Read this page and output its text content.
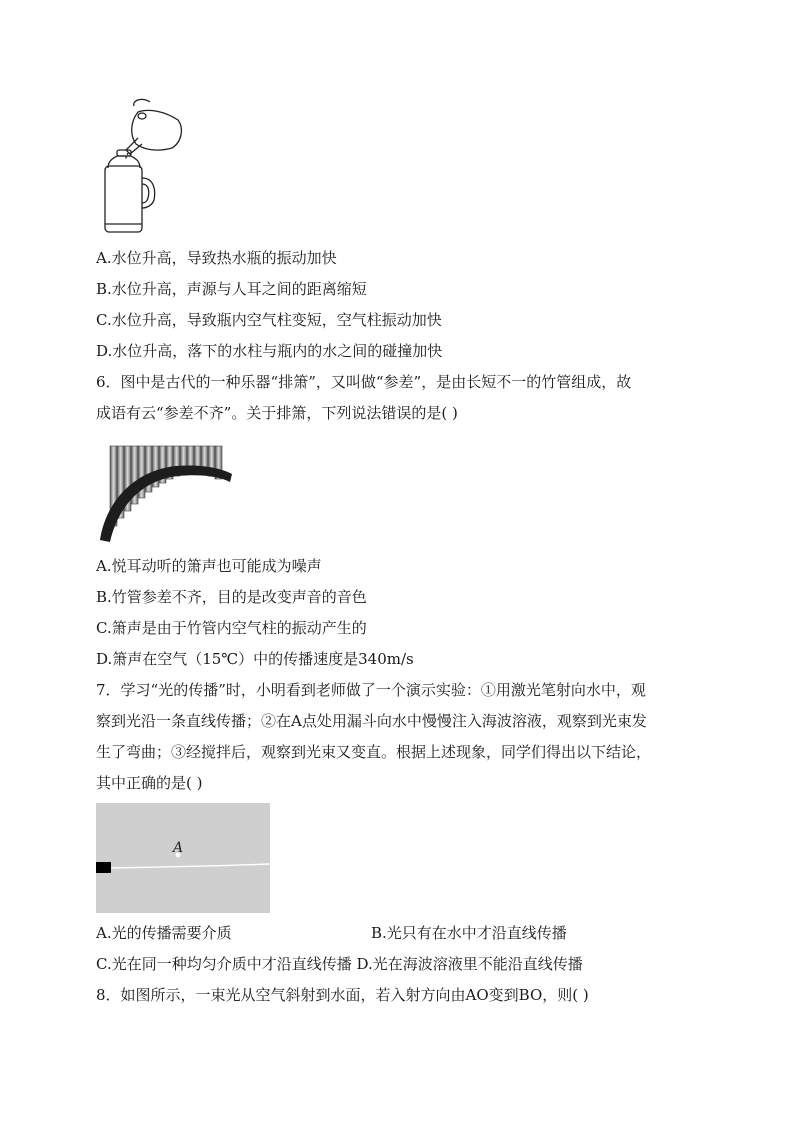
A.水位升高，导致热水瓶的振动加快
B.水位升高，声源与人耳之间的距离缩短
C.水位升高，导致瓶内空气柱变短，空气柱振动加快
D.水位升高，落下的水柱与瓶内的水之间的碰撞加快
6．图中是古代的一种乐器“排箫”，又叫做“参差”，是由长短不一的竹管组成，故
成语有云“参差不齐”。关于排箫，下列说法错误的是( )
A.悦耳动听的箫声也可能成为噪声
B.竹管参差不齐，目的是改变声音的音色
C.箫声是由于竹管内空气柱的振动产生的
D.箫声在空气（15℃）中的传播速度是340m/s
7．学习“光的传播”时，小明看到老师做了一个演示实验：①用激光笔射向水中，观
察到光沿一条直线传播；②在A点处用漏斗向水中慢慢注入海波溶液，观察到光束发
生了弯曲；③经搅拌后，观察到光束又变直。根据上述现象，同学们得出以下结论，
其中正确的是( )
A
A.光的传播需要介质	B.光只有在水中才沿直线传播
C.光在同一种均匀介质中才沿直线传播 D.光在海波溶液里不能沿直线传播
8．如图所示，一束光从空气斜射到水面，若入射方向由AO变到BO，则( )
